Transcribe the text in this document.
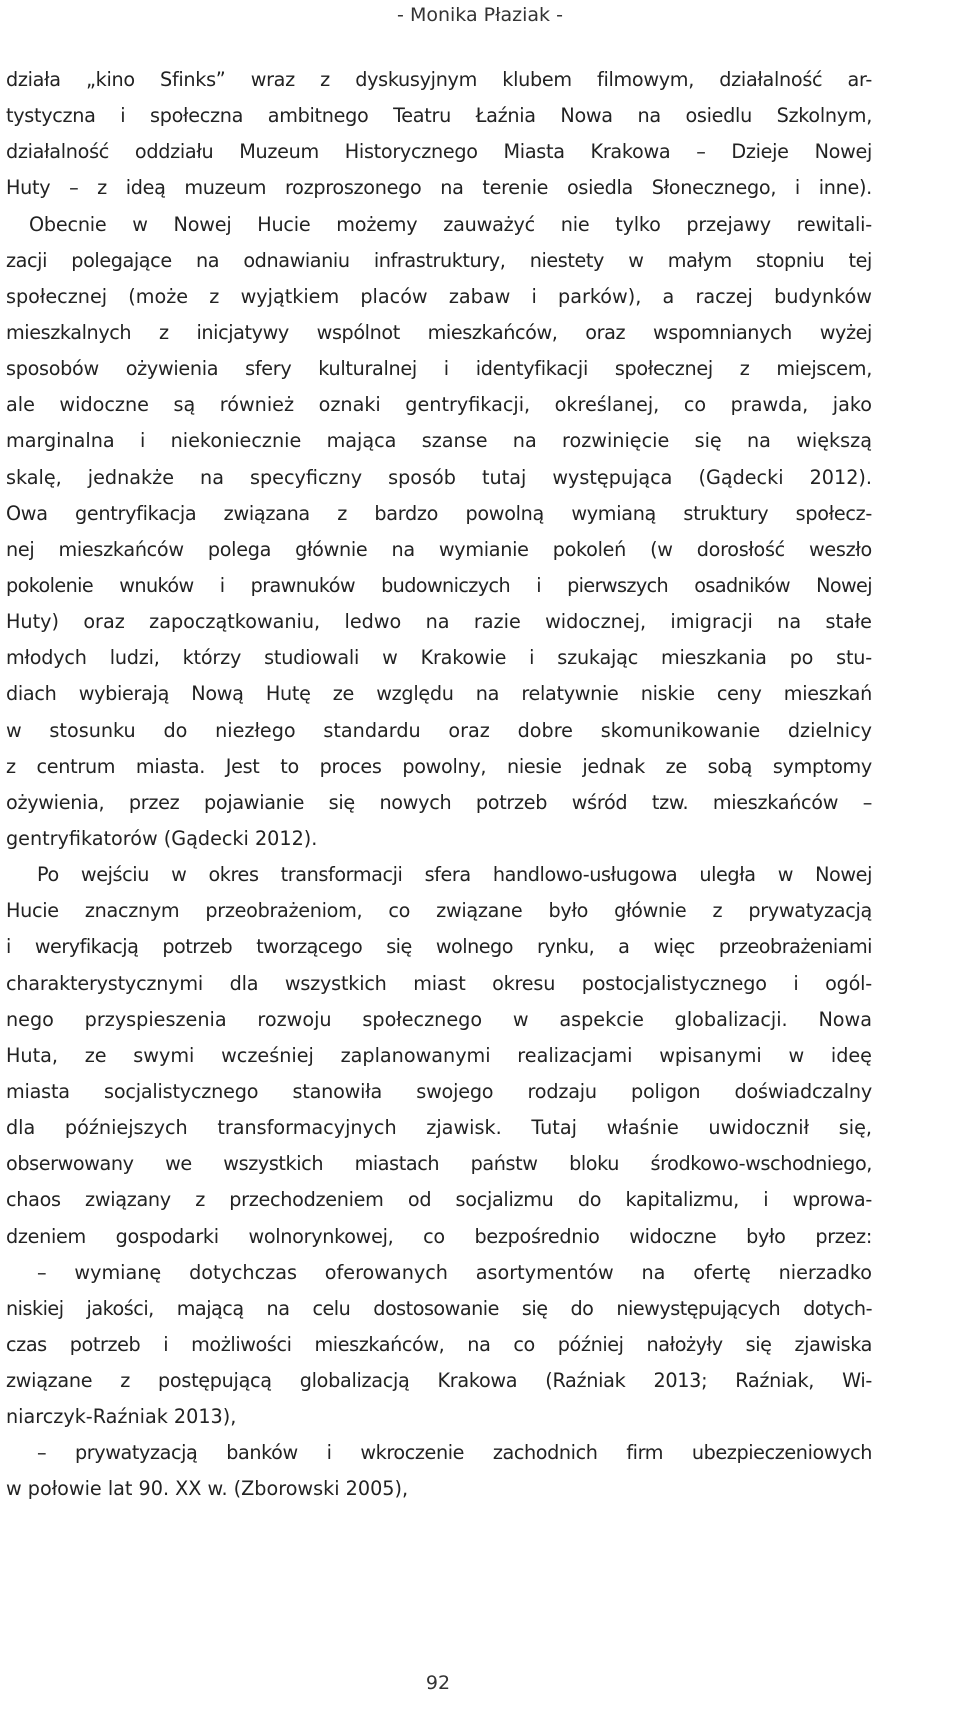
- Monika Płaziak -
działa „kino Sfinks” wraz z dyskusyjnym klubem filmowym, działalność ar-
tystyczna i społeczna ambitnego Teatru Łaźnia Nowa na osiedlu Szkolnym,
działalność oddziału Muzeum Historycznego Miasta Krakowa – Dzieje Nowej
Huty – z ideą muzeum rozproszonego na terenie osiedla Słonecznego, i inne).
Obecnie w Nowej Hucie możemy zauważyć nie tylko przejawy rewitali-
zacji polegające na odnawianiu infrastruktury, niestety w małym stopniu tej
społecznej (może z wyjątkiem placów zabaw i parków), a raczej budynków
mieszkalnych z inicjatywy wspólnot mieszkańców, oraz wspomnianych wyżej
sposobów ożywienia sfery kulturalnej i identyfikacji społecznej z miejscem,
ale widoczne są również oznaki gentryfikacji, określanej, co prawda, jako
marginalna i niekoniecznie mająca szanse na rozwinięcie się na większą
skalę, jednakże na specyficzny sposób tutaj występująca (Gądecki 2012).
Owa gentryfikacja związana z bardzo powolną wymianą struktury społecz-
nej mieszkańców polega głównie na wymianie pokoleń (w dorosłość weszło
pokolenie wnuków i prawnuków budowniczych i pierwszych osadników Nowej
Huty) oraz zapoczątkowaniu, ledwo na razie widocznej, imigracji na stałe
młodych ludzi, którzy studiowali w Krakowie i szukając mieszkania po stu-
diach wybierają Nową Hutę ze względu na relatywnie niskie ceny mieszkań
w stosunku do niezłego standardu oraz dobre skomunikowanie dzielnicy
z centrum miasta. Jest to proces powolny, niesie jednak ze sobą symptomy
ożywienia, przez pojawianie się nowych potrzeb wśród tzw. mieszkańców –
gentryfikatorów (Gądecki 2012).
Po wejściu w okres transformacji sfera handlowo-usługowa uległa w Nowej
Hucie znacznym przeobrażeniom, co związane było głównie z prywatyzacją
i weryfikacją potrzeb tworzącego się wolnego rynku, a więc przeobrażeniami
charakterystycznymi dla wszystkich miast okresu postocjalistycznego i ogól-
nego przyspieszenia rozwoju społecznego w aspekcie globalizacji. Nowa
Huta, ze swymi wcześniej zaplanowanymi realizacjami wpisanymi w ideę
miasta socjalistycznego stanowiła swojego rodzaju poligon doświadczalny
dla późniejszych transformacyjnych zjawisk. Tutaj właśnie uwidocznił się,
obserwowany we wszystkich miastach państw bloku środkowo-wschodniego,
chaos związany z przechodzeniem od socjalizmu do kapitalizmu, i wprowa-
dzeniem gospodarki wolnorynkowej, co bezpośrednio widoczne było przez:
– wymianę dotychczas oferowanych asortymentów na ofertę nierzadko
niskiej jakości, mającą na celu dostosowanie się do niewystępujących dotych-
czas potrzeb i możliwości mieszkańców, na co później nałożyły się zjawiska
związane z postępującą globalizacją Krakowa (Raźniak 2013; Raźniak, Wi-
niarczyk-Raźniak 2013),
– prywatyzacją banków i wkroczenie zachodnich firm ubezpieczeniowych
w połowie lat 90. XX w. (Zborowski 2005),
92
